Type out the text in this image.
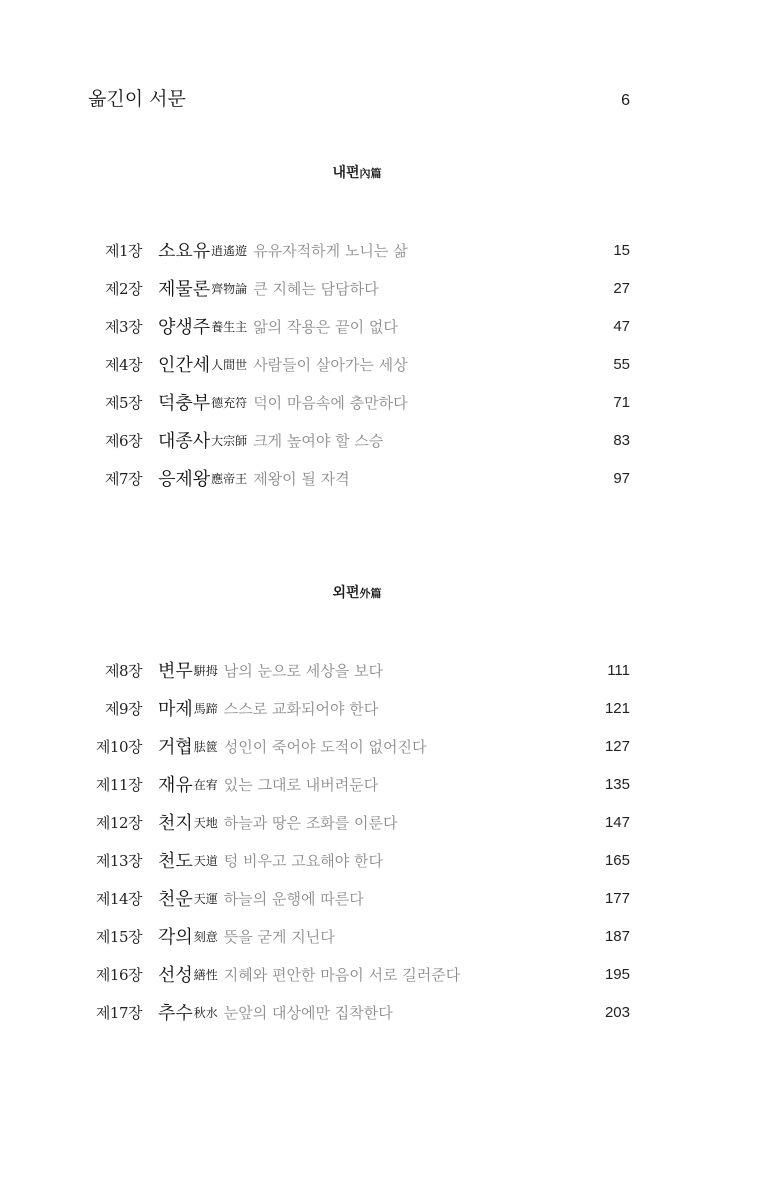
옮긴이 서문	6
내편內篇
제1장 소요유 逍遙遊 유유자적하게 노니는 삶	15
제2장 제물론 齊物論 큰 지혜는 담담하다	27
제3장 양생주 養生主 앎의 작용은 끝이 없다	47
제4장 인간세 人間世 사람들이 살아가는 세상	55
제5장 덕충부 德充符 덕이 마음속에 충만하다	71
제6장 대종사 大宗師 크게 높여야 할 스승	83
제7장 응제왕 應帝王 제왕이 될 자격	97
외편外篇
제8장 변무 騈拇 남의 눈으로 세상을 보다	111
제9장 마제 馬蹄 스스로 교화되어야 한다	121
제10장 거협 胠篋 성인이 죽어야 도적이 없어진다	127
제11장 재유 在宥 있는 그대로 내버려둔다	135
제12장 천지 天地 하늘과 땅은 조화를 이룬다	147
제13장 천도 天道 텅 비우고 고요해야 한다	165
제14장 천운 天運 하늘의 운행에 따른다	177
제15장 각의 刻意 뜻을 굳게 지닌다	187
제16장 선성 繕性 지혜와 편안한 마음이 서로 길러준다	195
제17장 추수 秋水 눈앞의 대상에만 집착한다	203
